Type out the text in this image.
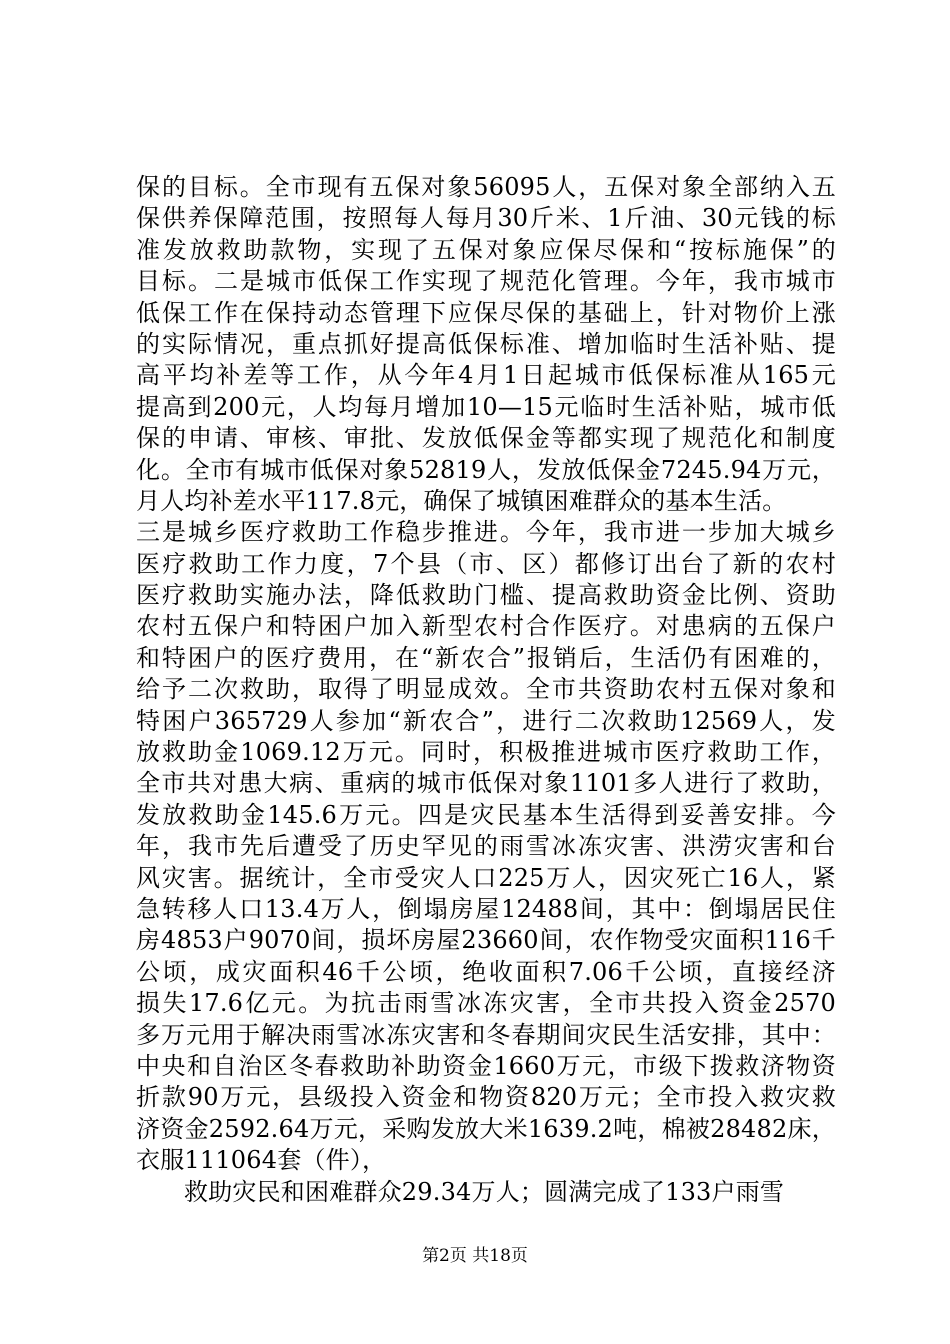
保的目标。全市现有五保对象56095人，五保对象全部纳入五
保供养保障范围，按照每人每月30斤米、1斤油、30元钱的标
准发放救助款物，实现了五保对象应保尽保和“按标施保”的
目标。二是城市低保工作实现了规范化管理。今年，我市城市
低保工作在保持动态管理下应保尽保的基础上，针对物价上涨
的实际情况，重点抓好提高低保标准、增加临时生活补贴、提
高平均补差等工作，从今年4月1日起城市低保标准从165元
提高到200元，人均每月增加10—15元临时生活补贴，城市低
保的申请、审核、审批、发放低保金等都实现了规范化和制度
化。全市有城市低保对象52819人，发放低保金7245.94万元，
月人均补差水平117.8元，确保了城镇困难群众的基本生活。
三是城乡医疗救助工作稳步推进。今年，我市进一步加大城乡
医疗救助工作力度，7个县（市、区）都修订出台了新的农村
医疗救助实施办法，降低救助门槛、提高救助资金比例、资助
农村五保户和特困户加入新型农村合作医疗。对患病的五保户
和特困户的医疗费用，在“新农合”报销后，生活仍有困难的，
给予二次救助，取得了明显成效。全市共资助农村五保对象和
特困户365729人参加“新农合”，进行二次救助12569人，发
放救助金1069.12万元。同时，积极推进城市医疗救助工作，
全市共对患大病、重病的城市低保对象1101多人进行了救助，
发放救助金145.6万元。四是灾民基本生活得到妥善安排。今
年，我市先后遭受了历史罕见的雨雪冰冻灾害、洪涝灾害和台
风灾害。据统计，全市受灾人口225万人，因灾死亡16人，紧
急转移人口13.4万人，倒塌房屋12488间，其中：倒塌居民住
房4853户9070间，损坏房屋23660间，农作物受灾面积116千
公顷，成灾面积46千公顷，绝收面积7.06千公顷，直接经济
损失17.6亿元。为抗击雨雪冰冻灾害，全市共投入资金2570
多万元用于解决雨雪冰冻灾害和冬春期间灾民生活安排，其中：
中央和自治区冬春救助补助资金1660万元，市级下拨救济物资
折款90万元，县级投入资金和物资820万元；全市投入救灾救
济资金2592.64万元，采购发放大米1639.2吨，棉被28482床，
衣服111064套（件），
救助灾民和困难群众29.34万人；圆满完成了133户雨雪
第2页 共18页
